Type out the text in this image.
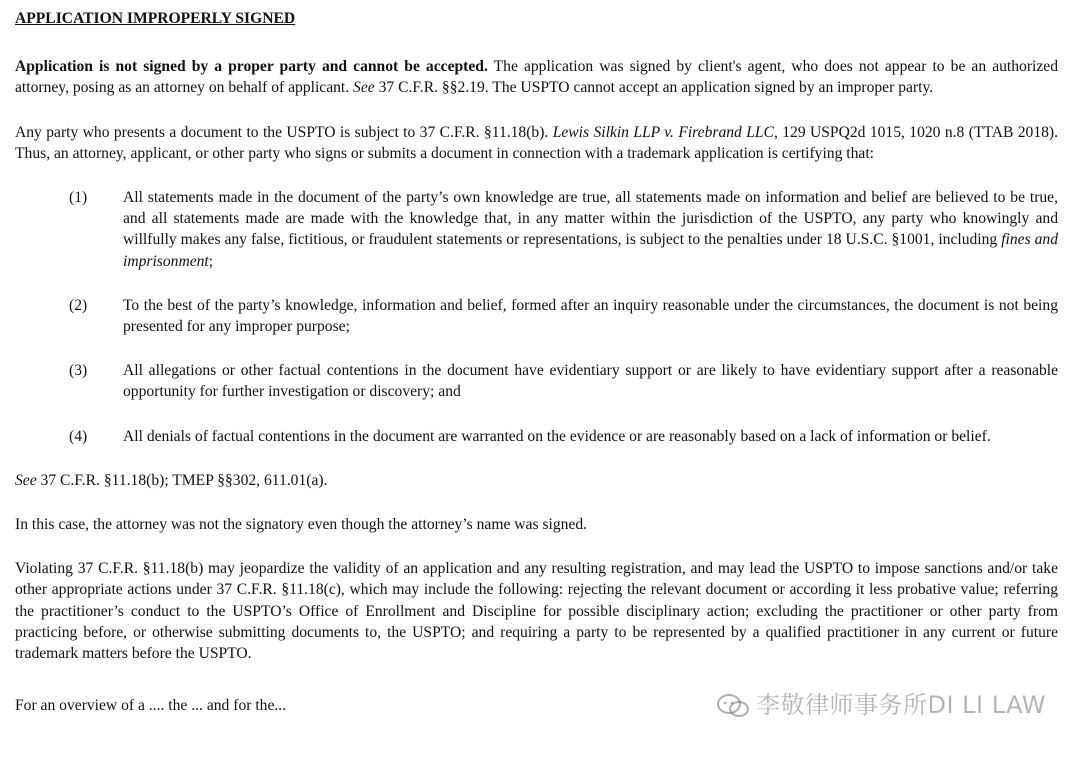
APPLICATION IMPROPERLY SIGNED

Application is not signed by a proper party and cannot be accepted. The application was signed by client's agent, who does not appear to be an authorized attorney, posing as an attorney on behalf of applicant. See 37 C.F.R. §§2.19. The USPTO cannot accept an application signed by an improper party.

Any party who presents a document to the USPTO is subject to 37 C.F.R. §11.18(b). Lewis Silkin LLP v. Firebrand LLC, 129 USPQ2d 1015, 1020 n.8 (TTAB 2018). Thus, an attorney, applicant, or other party who signs or submits a document in connection with a trademark application is certifying that:

(1)	All statements made in the document of the party’s own knowledge are true, all statements made on information and belief are believed to be true, and all statements made are made with the knowledge that, in any matter within the jurisdiction of the USPTO, any party who knowingly and willfully makes any false, fictitious, or fraudulent statements or representations, is subject to the penalties under 18 U.S.C. §1001, including fines and imprisonment;
(2)	To the best of the party’s knowledge, information and belief, formed after an inquiry reasonable under the circumstances, the document is not being presented for any improper purpose;
(3)	All allegations or other factual contentions in the document have evidentiary support or are likely to have evidentiary support after a reasonable opportunity for further investigation or discovery; and
(4)	All denials of factual contentions in the document are warranted on the evidence or are reasonably based on a lack of information or belief.

See 37 C.F.R. §11.18(b); TMEP §§302, 611.01(a).

In this case, the attorney was not the signatory even though the attorney’s name was signed.

Violating 37 C.F.R. §11.18(b) may jeopardize the validity of an application and any resulting registration, and may lead the USPTO to impose sanctions and/or take other appropriate actions under 37 C.F.R. §11.18(c), which may include the following: rejecting the relevant document or according it less probative value; referring the practitioner’s conduct to the USPTO’s Office of Enrollment and Discipline for possible disciplinary action; excluding the practitioner or other party from practicing before, or otherwise submitting documents to, the USPTO; and requiring a party to be represented by a qualified practitioner in any current or future trademark matters before the USPTO.

For an overview of a .... the ... and for the...	李敬律师事务所DI LI LAW
